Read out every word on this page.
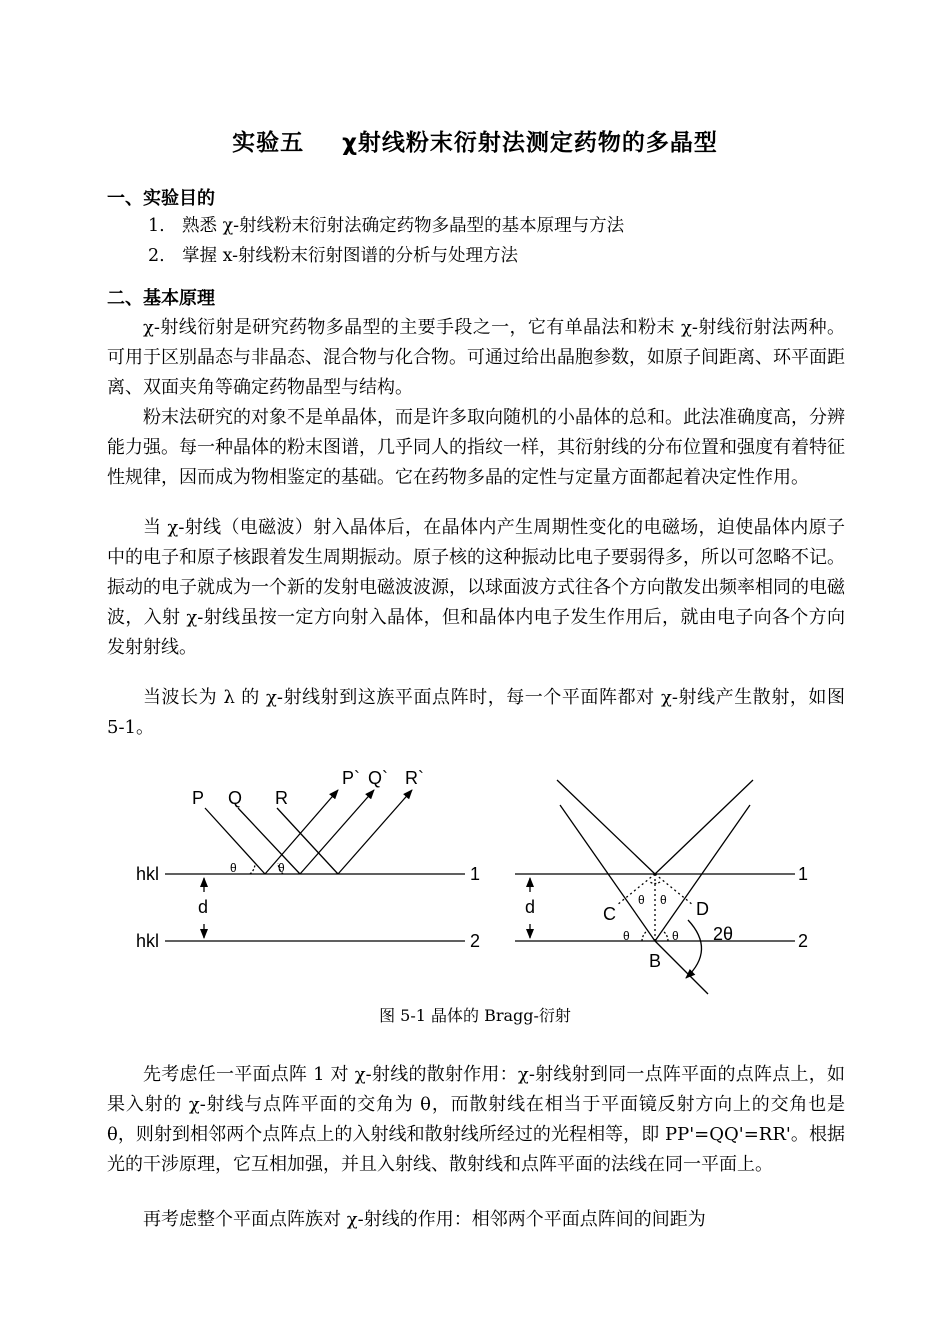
实验五 χ射线粉末衍射法测定药物的多晶型

一、实验目的

1. 熟悉 χ-射线粉末衍射法确定药物多晶型的基本原理与方法
2. 掌握 x-射线粉末衍射图谱的分析与处理方法

二、基本原理

χ-射线衍射是研究药物多晶型的主要手段之一，它有单晶法和粉末 χ-射线衍射法两种。可用于区别晶态与非晶态、混合物与化合物。可通过给出晶胞参数，如原子间距离、环平面距离、双面夹角等确定药物晶型与结构。

粉末法研究的对象不是单晶体，而是许多取向随机的小晶体的总和。此法准确度高，分辨能力强。每一种晶体的粉末图谱，几乎同人的指纹一样，其衍射线的分布位置和强度有着特征性规律，因而成为物相鉴定的基础。它在药物多晶的定性与定量方面都起着决定性作用。

当 χ-射线（电磁波）射入晶体后，在晶体内产生周期性变化的电磁场，迫使晶体内原子中的电子和原子核跟着发生周期振动。原子核的这种振动比电子要弱得多，所以可忽略不记。振动的电子就成为一个新的发射电磁波波源，以球面波方式往各个方向散发出频率相同的电磁波，入射 χ-射线虽按一定方向射入晶体，但和晶体内电子发生作用后，就由电子向各个方向发射射线。

当波长为 λ 的 χ-射线射到这族平面点阵时，每一个平面阵都对 χ-射线产生散射，如图 5-1。

P Q R
P` Q` R`
hkl
hkl
d
1
2
d	C	D
B
2θ
1
2
θ	θ
θ θ
θ	θ

图 5-1 晶体的 Bragg-衍射

先考虑任一平面点阵 1 对 χ-射线的散射作用：χ-射线射到同一点阵平面的点阵点上，如果入射的 χ-射线与点阵平面的交角为 θ，而散射线在相当于平面镜反射方向上的交角也是 θ，则射到相邻两个点阵点上的入射线和散射线所经过的光程相等，即 PP'=QQ'=RR'。根据光的干涉原理，它互相加强，并且入射线、散射线和点阵平面的法线在同一平面上。

再考虑整个平面点阵族对 χ-射线的作用：相邻两个平面点阵间的间距为
